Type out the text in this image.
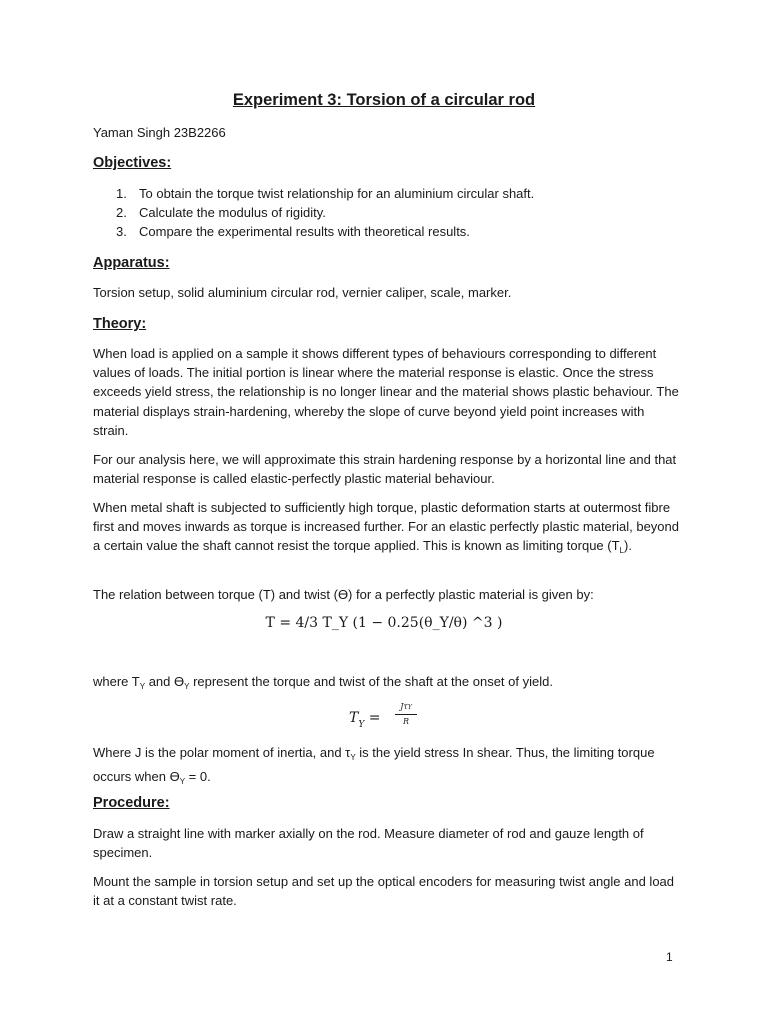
Experiment 3: Torsion of a circular rod

Yaman Singh 23B2266

Objectives:

1. To obtain the torque twist relationship for an aluminium circular shaft.
2. Calculate the modulus of rigidity.
3. Compare the experimental results with theoretical results.

Apparatus:

Torsion setup, solid aluminium circular rod, vernier caliper, scale, marker.

Theory:

When load is applied on a sample it shows different types of behaviours corresponding to different values of loads. The initial portion is linear where the material response is elastic. Once the stress exceeds yield stress, the relationship is no longer linear and the material shows plastic behaviour. The material displays strain-hardening, whereby the slope of curve beyond yield point increases with strain.

For our analysis here, we will approximate this strain hardening response by a horizontal line and that material response is called elastic-perfectly plastic material behaviour.

When metal shaft is subjected to sufficiently high torque, plastic deformation starts at outermost fibre first and moves inwards as torque is increased further. For an elastic perfectly plastic material, beyond a certain value the shaft cannot resist the torque applied. This is known as limiting torque $(T_L)$.

The relation between torque (T) and twist (Ɵ) for a perfectly plastic material is given by:

T = 4/3 T_Y (1 − 0.25(θ_Y/θ) ^3 )

where $T_Y$ and $Ɵ_Y$ represent the torque and twist of the shaft at the onset of yield.

$T_Y$ =
JτY
R

Where J is the polar moment of inertia, and $\tau_Y$ is the yield stress In shear. Thus, the limiting torque occurs when $Ɵ_Y = 0$.

Procedure:

Draw a straight line with marker axially on the rod. Measure diameter of rod and gauze length of specimen.

Mount the sample in torsion setup and set up the optical encoders for measuring twist angle and load it at a constant twist rate.

1
